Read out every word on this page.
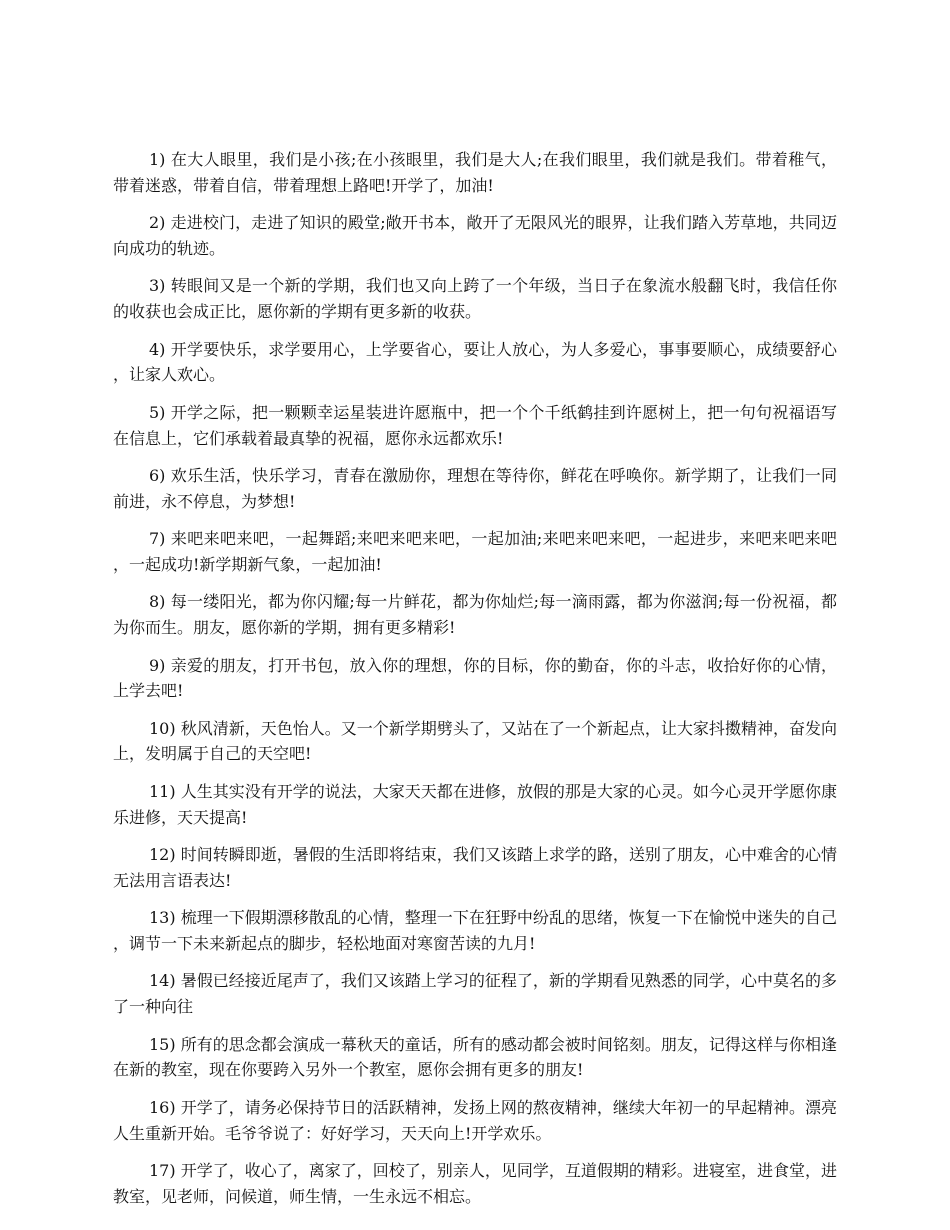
1) 在大人眼里，我们是小孩;在小孩眼里，我们是大人;在我们眼里，我们就是我们。带着稚气，带着迷惑，带着自信，带着理想上路吧!开学了，加油!

2) 走进校门，走进了知识的殿堂;敞开书本，敞开了无限风光的眼界，让我们踏入芳草地，共同迈向成功的轨迹。

3) 转眼间又是一个新的学期，我们也又向上跨了一个年级，当日子在象流水般翻飞时，我信任你的收获也会成正比，愿你新的学期有更多新的收获。

4) 开学要快乐，求学要用心，上学要省心，要让人放心，为人多爱心，事事要顺心，成绩要舒心，让家人欢心。

5) 开学之际，把一颗颗幸运星装进许愿瓶中，把一个个千纸鹤挂到许愿树上，把一句句祝福语写在信息上，它们承载着最真挚的祝福，愿你永远都欢乐!

6) 欢乐生活，快乐学习，青春在激励你，理想在等待你，鲜花在呼唤你。新学期了，让我们一同前进，永不停息，为梦想!

7) 来吧来吧来吧，一起舞蹈;来吧来吧来吧，一起加油;来吧来吧来吧，一起进步，来吧来吧来吧，一起成功!新学期新气象，一起加油!

8) 每一缕阳光，都为你闪耀;每一片鲜花，都为你灿烂;每一滴雨露，都为你滋润;每一份祝福，都为你而生。朋友，愿你新的学期，拥有更多精彩!

9) 亲爱的朋友，打开书包，放入你的理想，你的目标，你的勤奋，你的斗志，收拾好你的心情，上学去吧!

10) 秋风清新，天色怡人。又一个新学期劈头了，又站在了一个新起点，让大家抖擞精神，奋发向上，发明属于自己的天空吧!

11) 人生其实没有开学的说法，大家天天都在进修，放假的那是大家的心灵。如今心灵开学愿你康乐进修，天天提高!

12) 时间转瞬即逝，暑假的生活即将结束，我们又该踏上求学的路，送别了朋友，心中难舍的心情无法用言语表达!

13) 梳理一下假期漂移散乱的心情，整理一下在狂野中纷乱的思绪，恢复一下在愉悦中迷失的自己，调节一下未来新起点的脚步，轻松地面对寒窗苦读的九月!

14) 暑假已经接近尾声了，我们又该踏上学习的征程了，新的学期看见熟悉的同学，心中莫名的多了一种向往

15) 所有的思念都会演成一幕秋天的童话，所有的感动都会被时间铭刻。朋友，记得这样与你相逢在新的教室，现在你要跨入另外一个教室，愿你会拥有更多的朋友!

16) 开学了，请务必保持节日的活跃精神，发扬上网的熬夜精神，继续大年初一的早起精神。漂亮人生重新开始。毛爷爷说了：好好学习，天天向上!开学欢乐。

17) 开学了，收心了，离家了，回校了，别亲人，见同学，互道假期的精彩。进寝室，进食堂，进教室，见老师，问候道，师生情，一生永远不相忘。
